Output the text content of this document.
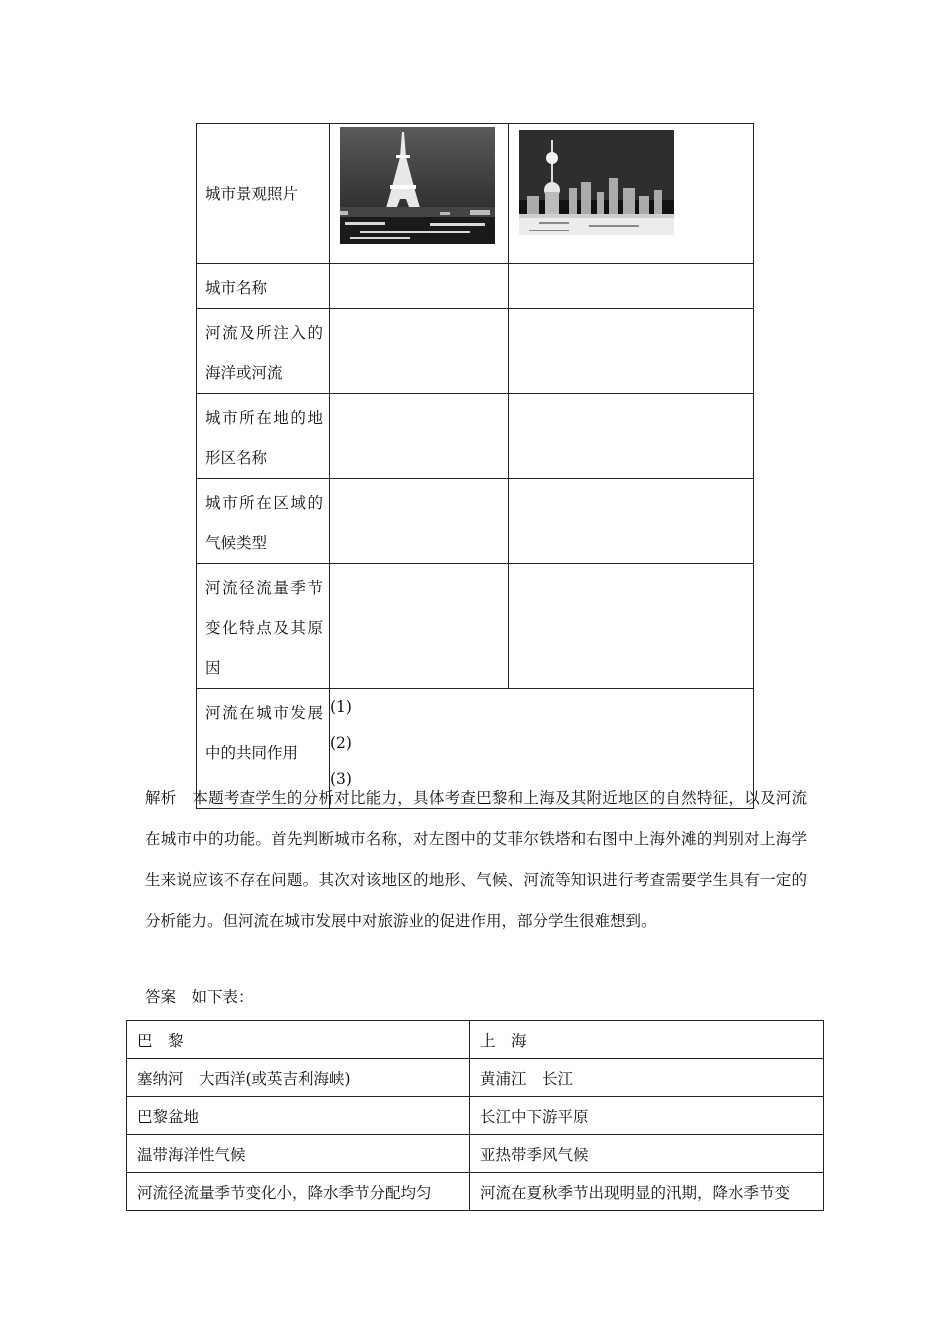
城市景观照片	

城市名称		
河流及所注入的海洋或河流		
城市所在地的地形区名称		
城市所在区域的气候类型		
河流径流量季节变化特点及其原因		
河流在城市发展中的共同作用	(1)
(2)
(3)	

解析　本题考查学生的分析对比能力，具体考查巴黎和上海及其附近地区的自然特征，以及河流在城市中的功能。首先判断城市名称，对左图中的艾菲尔铁塔和右图中上海外滩的判别对上海学生来说应该不存在问题。其次对该地区的地形、气候、河流等知识进行考查需要学生具有一定的分析能力。但河流在城市发展中对旅游业的促进作用，部分学生很难想到。

答案　如下表：

巴　黎	上　海
塞纳河　大西洋(或英吉利海峡)	黄浦江　长江
巴黎盆地	长江中下游平原
温带海洋性气候	亚热带季风气候
河流径流量季节变化小，降水季节分配均匀	河流在夏秋季节出现明显的汛期，降水季节变
